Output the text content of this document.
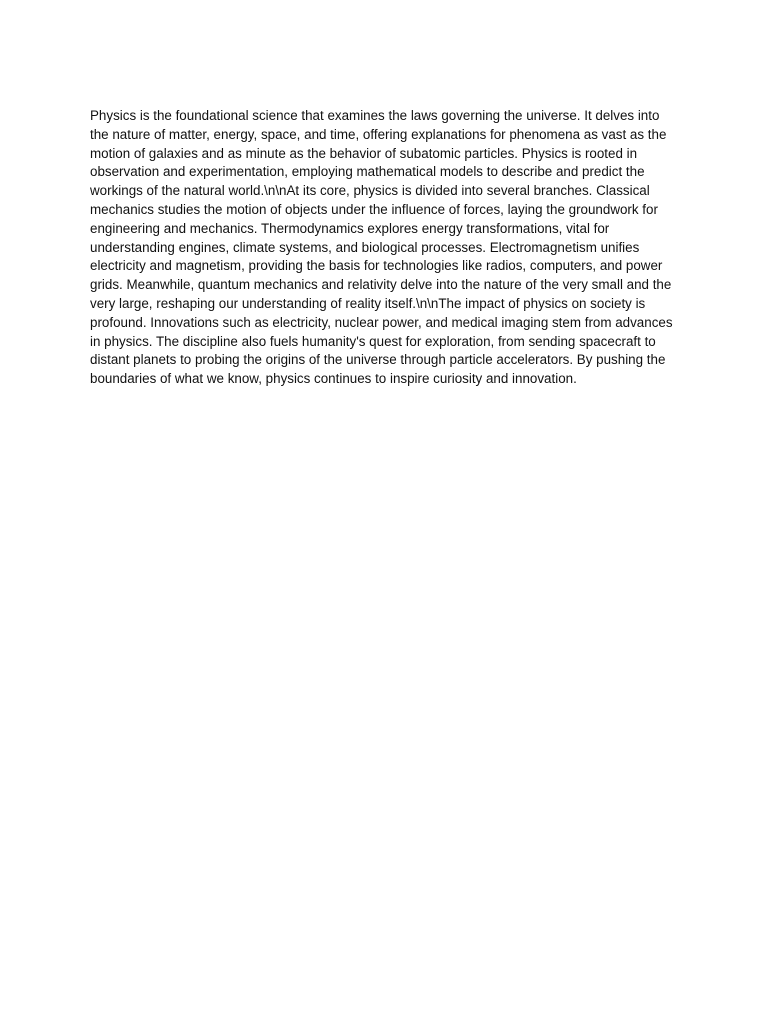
Physics is the foundational science that examines the laws governing the universe. It delves into the nature of matter, energy, space, and time, offering explanations for phenomena as vast as the motion of galaxies and as minute as the behavior of subatomic particles. Physics is rooted in observation and experimentation, employing mathematical models to describe and predict the workings of the natural world.\n\nAt its core, physics is divided into several branches. Classical mechanics studies the motion of objects under the influence of forces, laying the groundwork for engineering and mechanics. Thermodynamics explores energy transformations, vital for understanding engines, climate systems, and biological processes. Electromagnetism unifies electricity and magnetism, providing the basis for technologies like radios, computers, and power grids. Meanwhile, quantum mechanics and relativity delve into the nature of the very small and the very large, reshaping our understanding of reality itself.\n\nThe impact of physics on society is profound. Innovations such as electricity, nuclear power, and medical imaging stem from advances in physics. The discipline also fuels humanity's quest for exploration, from sending spacecraft to distant planets to probing the origins of the universe through particle accelerators. By pushing the boundaries of what we know, physics continues to inspire curiosity and innovation.
